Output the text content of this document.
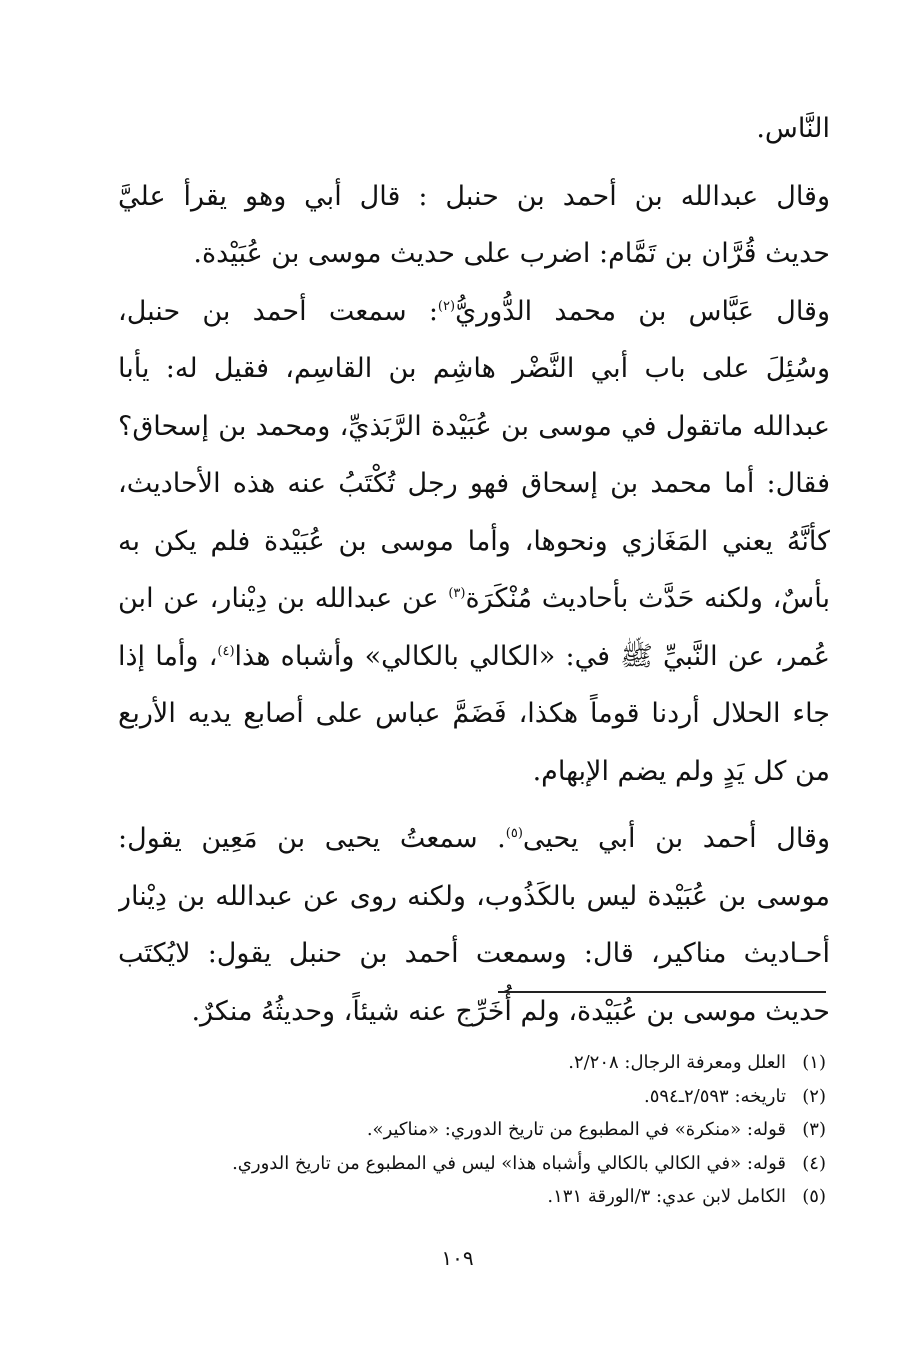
النَّاس.
وقال عبدالله بن أحمد بن حنبل : قال أبي وهو يقرأ عليَّ
حديث قُرَّان بن تَمَّام: اضرب على حديث موسى بن عُبَيْدة.
وقال عَبَّاس بن محمد الدُّوريُّ$^{(٢)}$: سمعت أحمد بن حنبل،
وسُئِلَ على باب أبي النَّضْر هاشِم بن القاسِم، فقيل له: يأبا
عبدالله ماتقول في موسى بن عُبَيْدة الرَّبَذيِّ، ومحمد بن إسحاق؟
فقال: أما محمد بن إسحاق فهو رجل تُكْتَبُ عنه هذه الأحاديث،
كأنَّهُ يعني المَغَازي ونحوها، وأما موسى بن عُبَيْدة فلم يكن به
بأسٌ، ولكنه حَدَّث بأحاديث مُنْكَرَة$^{(٣)}$ عن عبدالله بن دِيْنار، عن ابن
عُمر، عن النَّبيِّ ﷺ في: «الكالي بالكالي» وأشباه هذا$^{(٤)}$، وأما إذا
جاء الحلال أردنا قوماً هكذا، فَضَمَّ عباس على أصابع يديه الأربع
من كل يَدٍ ولم يضم الإبهام.
وقال أحمد بن أبي يحيى$^{(٥)}$. سمعتُ يحيى بن مَعِين يقول:
موسى بن عُبَيْدة ليس بالكَذُوب، ولكنه روى عن عبدالله بن دِيْنار
أحـاديث مناكير، قال: وسمعت أحمد بن حنبل يقول: لايُكتَب
حديث موسى بن عُبَيْدة، ولم أُخَرِّج عنه شيئاً، وحديثُهُ منكرٌ.
(١)العلل ومعرفة الرجال: ٢/٢٠٨.
(٢)تاريخه: ٢/٥٩٣ـ٥٩٤.
(٣)قوله: «منكرة» في المطبوع من تاريخ الدوري: «مناكير».
(٤)قوله: «في الكالي بالكالي وأشباه هذا» ليس في المطبوع من تاريخ الدوري.
(٥)الكامل لابن عدي: ٣/الورقة ١٣١.
١٠٩
